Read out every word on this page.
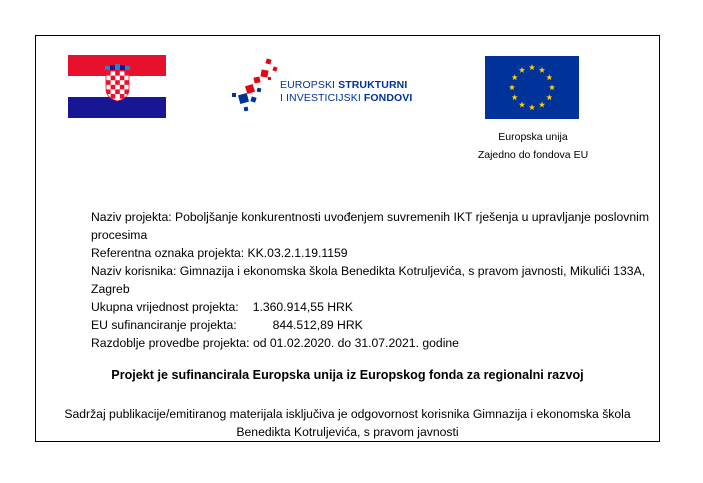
EUROPSKI STRUKTURNI
I INVESTICIJSKI FONDOVI
Europska unija
Zajedno do fondova EU
Naziv projekta: Poboljšanje konkurentnosti uvođenjem suvremenih IKT rješenja u upravljanje poslovnim procesima
Referentna oznaka projekta: KK.03.2.1.19.1159
Naziv korisnika: Gimnazija i ekonomska škola Benedikta Kotruljevića, s pravom javnosti, Mikulići 133A, Zagreb
Ukupna vrijednost projekta: 1.360.914,55 HRK
EU sufinanciranje projekta:	844.512,89 HRK
Razdoblje provedbe projekta: od 01.02.2020. do 31.07.2021. godine
Projekt je sufinancirala Europska unija iz Europskog fonda za regionalni razvoj
Sadržaj publikacije/emitiranog materijala isključiva je odgovornost korisnika Gimnazija i ekonomska škola Benedikta Kotruljevića, s pravom javnosti
